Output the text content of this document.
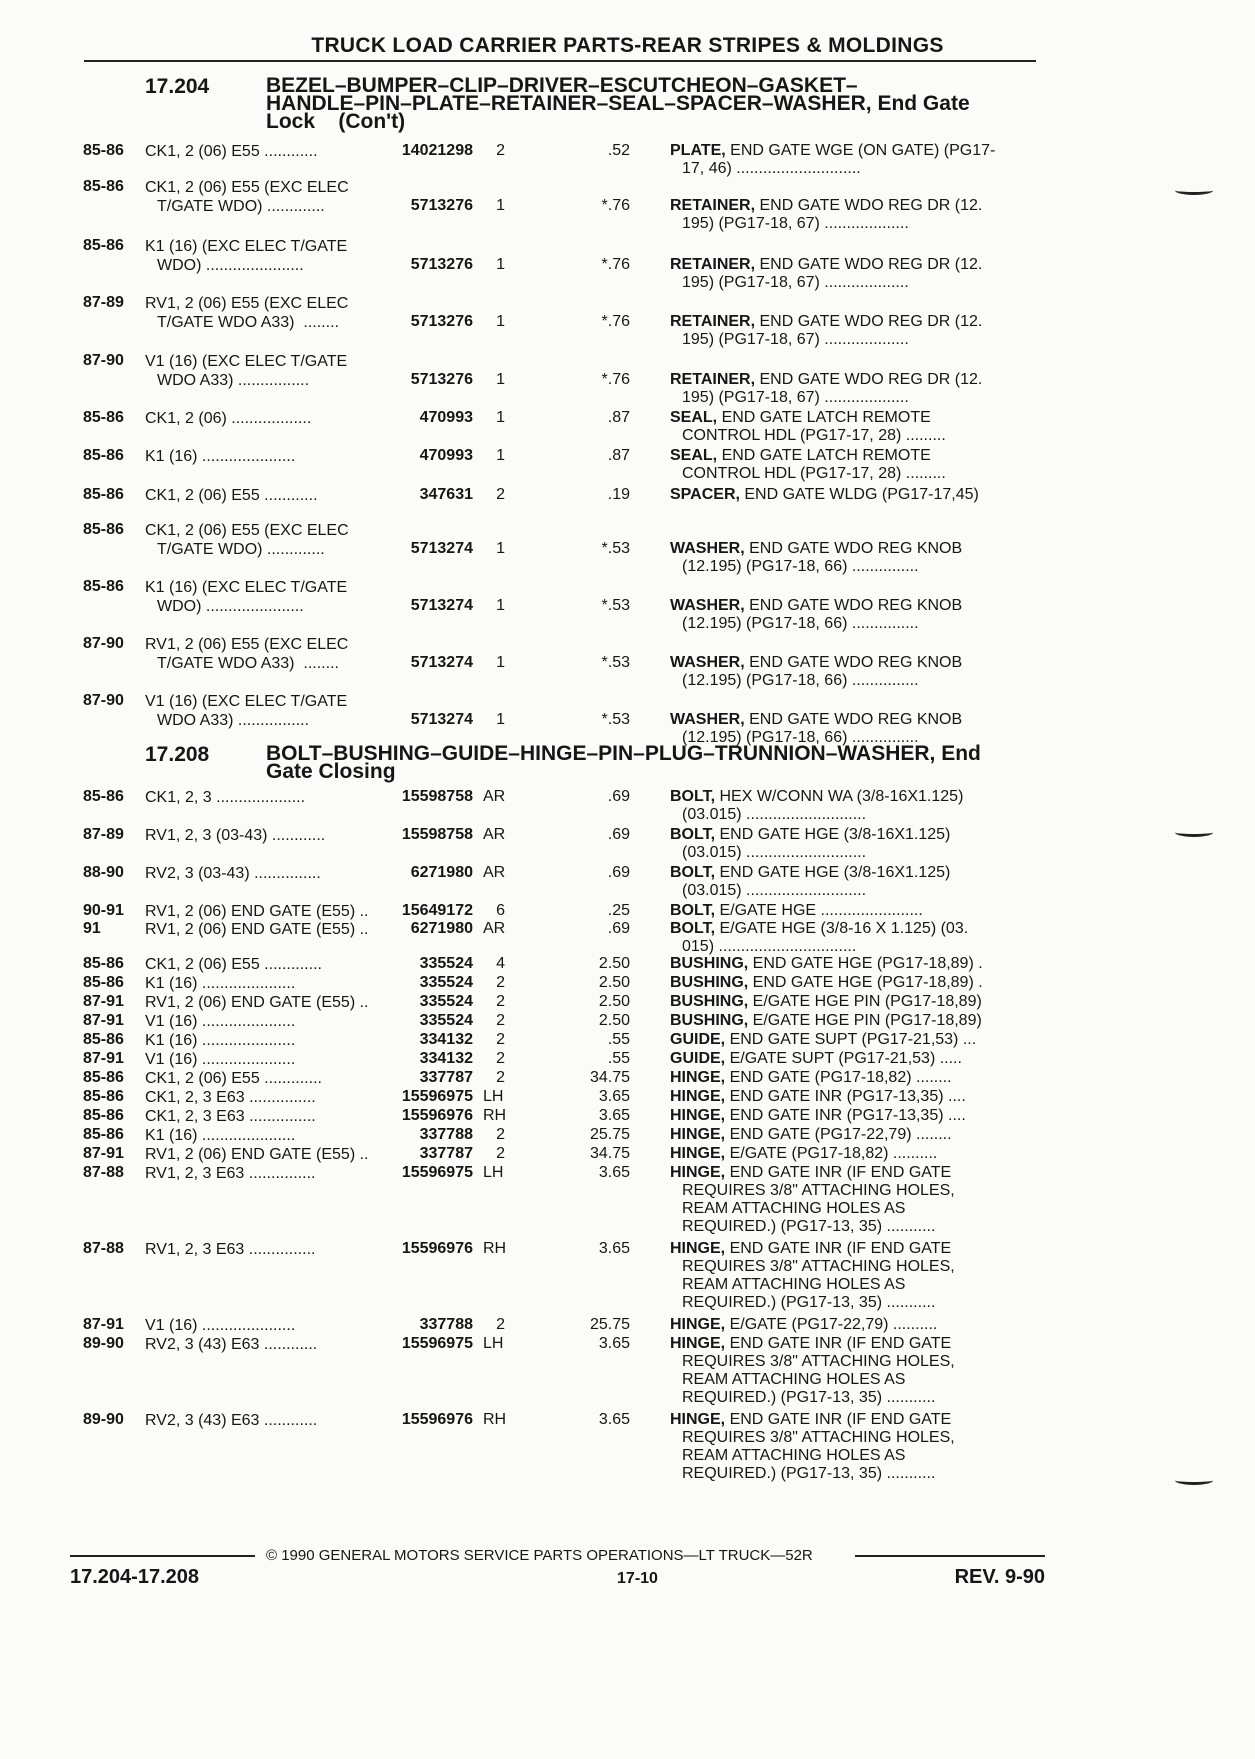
TRUCK LOAD CARRIER PARTS-REAR STRIPES & MOLDINGS
17.204	BEZEL–BUMPER–CLIP–DRIVER–ESCUTCHEON–GASKET–
HANDLE–PIN–PLATE–RETAINER–SEAL–SPACER–WASHER, End Gate
Lock (Con't)
17.208	BOLT–BUSHING–GUIDE–HINGE–PIN–PLUG–TRUNNION–WASHER, End
Gate Closing
85-86 CK1, 2 (06) E55 ............	14021298	2	.52	PLATE, END GATE WGE (ON GATE) (PG17-
17, 46) ............................
85-86 CK1, 2 (06) E55 (EXC ELEC
T/GATE WDO) .............	5713276	1	*.76	RETAINER, END GATE WDO REG DR (12.
195) (PG17-18, 67) ...................
85-86 K1 (16) (EXC ELEC T/GATE
WDO) ......................	5713276	1	*.76	RETAINER, END GATE WDO REG DR (12.
195) (PG17-18, 67) ...................
87-89 RV1, 2 (06) E55 (EXC ELEC
T/GATE WDO A33)  ........	5713276	1	*.76	RETAINER, END GATE WDO REG DR (12.
195) (PG17-18, 67) ...................
87-90 V1 (16) (EXC ELEC T/GATE
WDO A33) ................	5713276	1	*.76	RETAINER, END GATE WDO REG DR (12.
195) (PG17-18, 67) ...................
85-86 CK1, 2 (06) ..................	470993	1	.87	SEAL, END GATE LATCH REMOTE
CONTROL HDL (PG17-17, 28) .........
85-86 K1 (16) .....................	470993	1	.87	SEAL, END GATE LATCH REMOTE
CONTROL HDL (PG17-17, 28) .........
85-86 CK1, 2 (06) E55 ............	347631	2	.19	SPACER, END GATE WLDG (PG17-17,45)
85-86 CK1, 2 (06) E55 (EXC ELEC
T/GATE WDO) .............	5713274	1	*.53	WASHER, END GATE WDO REG KNOB
(12.195) (PG17-18, 66) ...............
85-86 K1 (16) (EXC ELEC T/GATE
WDO) ......................	5713274	1	*.53	WASHER, END GATE WDO REG KNOB
(12.195) (PG17-18, 66) ...............
87-90 RV1, 2 (06) E55 (EXC ELEC
T/GATE WDO A33)  ........	5713274	1	*.53	WASHER, END GATE WDO REG KNOB
(12.195) (PG17-18, 66) ...............
87-90 V1 (16) (EXC ELEC T/GATE
WDO A33) ................	5713274	1	*.53	WASHER, END GATE WDO REG KNOB
(12.195) (PG17-18, 66) ...............
85-86 CK1, 2, 3 ....................	15598758 AR	.69	BOLT, HEX W/CONN WA (3/8-16X1.125)
(03.015) ...........................
87-89 RV1, 2, 3 (03-43) ............	15598758 AR	.69	BOLT, END GATE HGE (3/8-16X1.125)
(03.015) ...........................
88-90 RV2, 3 (03-43) ...............	6271980 AR	.69	BOLT, END GATE HGE (3/8-16X1.125)
(03.015) ...........................
90-91 RV1, 2 (06) END GATE (E55) ..	15649172	6	.25	BOLT, E/GATE HGE .......................
91	RV1, 2 (06) END GATE (E55) ..	6271980 AR	.69	BOLT, E/GATE HGE (3/8-16 X 1.125) (03.
015) ...............................
85-86 CK1, 2 (06) E55 .............	335524	4	2.50	BUSHING, END GATE HGE (PG17-18,89) .
85-86 K1 (16) .....................	335524	2	2.50	BUSHING, END GATE HGE (PG17-18,89) .
87-91 RV1, 2 (06) END GATE (E55) ..	335524	2	2.50	BUSHING, E/GATE HGE PIN (PG17-18,89)
87-91 V1 (16) .....................	335524	2	2.50	BUSHING, E/GATE HGE PIN (PG17-18,89)
85-86 K1 (16) .....................	334132	2	.55	GUIDE, END GATE SUPT (PG17-21,53) ...
87-91 V1 (16) .....................	334132	2	.55	GUIDE, E/GATE SUPT (PG17-21,53) .....
85-86 CK1, 2 (06) E55 .............	337787	2	34.75	HINGE, END GATE (PG17-18,82) ........
85-86 CK1, 2, 3 E63 ...............	15596975 LH	3.65	HINGE, END GATE INR (PG17-13,35) ....
85-86 CK1, 2, 3 E63 ...............	15596976 RH	3.65	HINGE, END GATE INR (PG17-13,35) ....
85-86 K1 (16) .....................	337788	2	25.75	HINGE, END GATE (PG17-22,79) ........
87-91 RV1, 2 (06) END GATE (E55) ..	337787	2	34.75	HINGE, E/GATE (PG17-18,82) ..........
87-88 RV1, 2, 3 E63 ...............	15596975 LH	3.65	HINGE, END GATE INR (IF END GATE
REQUIRES 3/8" ATTACHING HOLES,
REAM ATTACHING HOLES AS
REQUIRED.) (PG17-13, 35) ...........
87-88 RV1, 2, 3 E63 ...............	15596976 RH	3.65	HINGE, END GATE INR (IF END GATE
REQUIRES 3/8" ATTACHING HOLES,
REAM ATTACHING HOLES AS
REQUIRED.) (PG17-13, 35) ...........
87-91 V1 (16) .....................	337788	2	25.75	HINGE, E/GATE (PG17-22,79) ..........
89-90 RV2, 3 (43) E63 ............	15596975 LH	3.65	HINGE, END GATE INR (IF END GATE
REQUIRES 3/8" ATTACHING HOLES,
REAM ATTACHING HOLES AS
REQUIRED.) (PG17-13, 35) ...........
89-90 RV2, 3 (43) E63 ............	15596976 RH	3.65	HINGE, END GATE INR (IF END GATE
REQUIRES 3/8" ATTACHING HOLES,
REAM ATTACHING HOLES AS
REQUIRED.) (PG17-13, 35) ...........
© 1990 GENERAL MOTORS SERVICE PARTS OPERATIONS—LT TRUCK—52R
17.204-17.208	17-10	REV. 9-90
